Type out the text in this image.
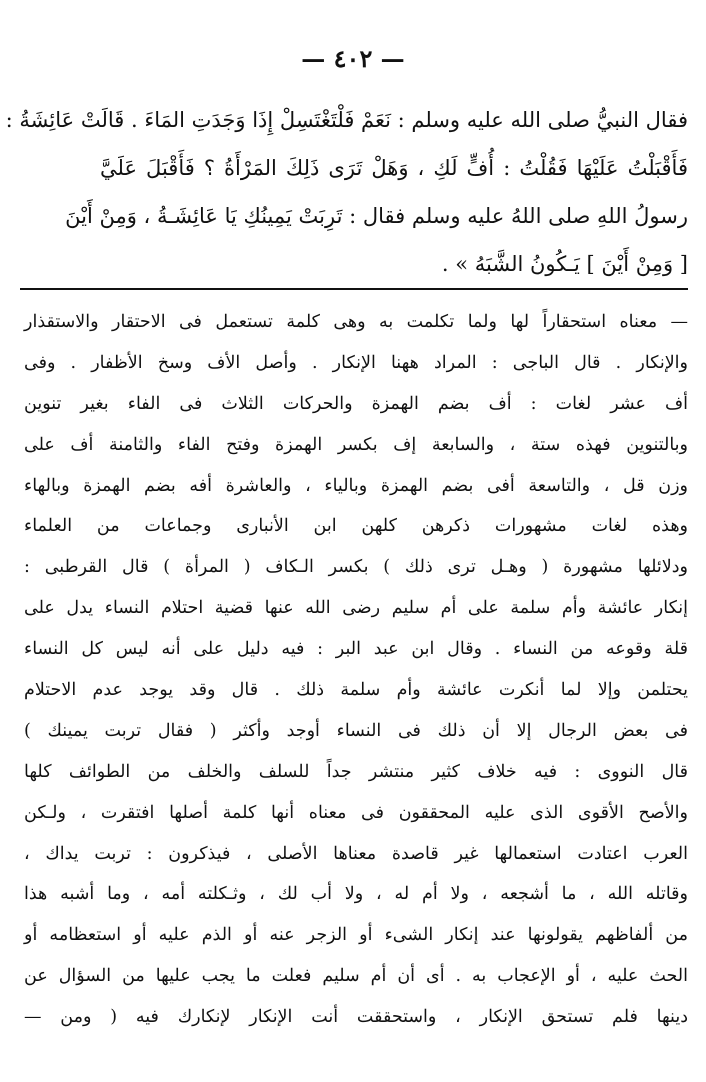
— ٤٠٢ —
فقال النبيُّ صلى الله عليه وسلم : نَعَمْ فَلْتَغْتَسِلْ إِذَا وَجَدَتِ المَاءَ . قَالَتْ عَائِشَةُ :
فَأَقْبَلْتُ عَلَيْهَا فَقُلْتُ : أُفٍّ لَكِ ، وَهَلْ تَرَى ذَلِكَ المَرْأَةُ ؟ فَأَقْبَلَ عَلَيَّ
رسولُ اللهِ صلى اللهُ عليه وسلم فقال : تَرِبَتْ يَمِينُكِ يَا عَائِشَـةُ ، وَمِنْ أَيْنَ
[ وَمِنْ أَيْنَ ] يَـكُونُ الشَّبَهُ » .
— معناه استحقاراً لها ولما تكلمت به وهى كلمة تستعمل فى الاحتقار والاستقذار
والإنكار . قال الباجى : المراد ههنا الإنكار . وأصل الأف وسخ الأظفار . وفى
أف عشر لغات : أف بضم الهمزة والحركات الثلاث فى الفاء بغير تنوين
وبالتنوين فهذه ستة ، والسابعة إف بكسر الهمزة وفتح الفاء والثامنة أف على
وزن قل ، والتاسعة أفى بضم الهمزة وبالياء ، والعاشرة أفه بضم الهمزة وبالهاء
وهذه لغات مشهورات ذكرهن كلهن ابن الأنبارى وجماعات من العلماء
ودلائلها مشهورة ( وهـل ترى ذلك ) بكسر الـكاف ( المرأة ) قال القرطبى :
إنكار عائشة وأم سلمة على أم سليم رضى الله عنها قضية احتلام النساء يدل على
قلة وقوعه من النساء . وقال ابن عبد البر : فيه دليل على أنه ليس كل النساء
يحتلمن وإلا لما أنكرت عائشة وأم سلمة ذلك . قال وقد يوجد عدم الاحتلام
فى بعض الرجال إلا أن ذلك فى النساء أوجد وأكثر ( فقال تربت يمينك )
قال النووى : فيه خلاف كثير منتشر جداً للسلف والخلف من الطوائف كلها
والأصح الأقوى الذى عليه المحققون فى معناه أنها كلمة أصلها افتقرت ، ولـكن
العرب اعتادت استعمالها غير قاصدة معناها الأصلى ، فيذكرون : تربت يداك ،
وقاتله الله ، ما أشجعه ، ولا أم له ، ولا أب لك ، وثـكلته أمه ، وما أشبه هذا
من ألفاظهم يقولونها عند إنكار الشىء أو الزجر عنه أو الذم عليه أو استعظامه أو
الحث عليه ، أو الإعجاب به . أى أن أم سليم فعلت ما يجب عليها من السؤال عن
دينها فلم تستحق الإنكار ، واستحققت أنت الإنكار لإنكارك فيه ( ومن —
